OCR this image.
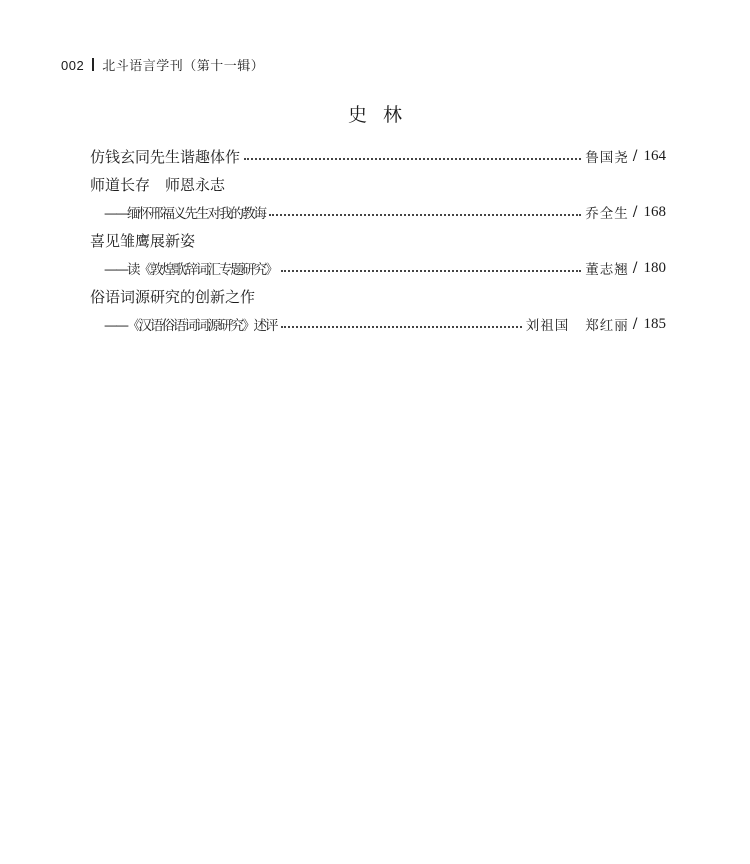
002 北斗语言学刊（第十一辑）
史 林
仿钱玄同先生谐趣体作	鲁国尧 / 164
师道长存　师恩永志
——缅怀邢福义先生对我的教诲	乔全生 / 168
喜见雏鹰展新姿
——读《敦煌歌辞词汇专题研究》	董志翘 / 180
俗语词源研究的创新之作
——《汉语俗语词词源研究》述评	刘祖国 郑红丽 / 185
